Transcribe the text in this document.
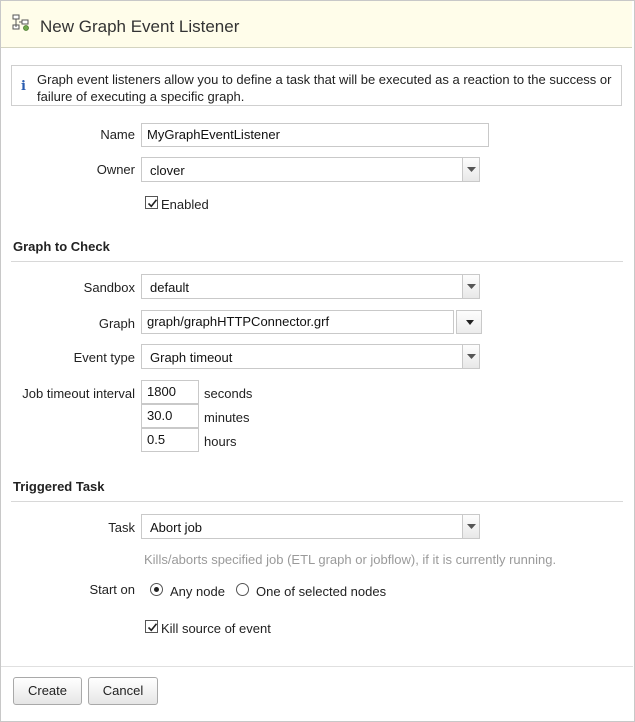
New Graph Event Listener
i Graph event listeners allow you to define a task that will be executed as a reaction to the success or failure of executing a specific graph.
Name MyGraphEventListener
Owner clover
Enabled
Graph to Check
Sandbox default
Graph graph/graphHTTPConnector.grf
Event type Graph timeout
Job timeout interval 1800	seconds
30.0	minutes
0.5	hours
Triggered Task
Task Abort job
Kills/aborts specified job (ETL graph or jobflow), if it is currently running.
Start on	Any node One of selected nodes
Kill source of event
Create	Cancel
